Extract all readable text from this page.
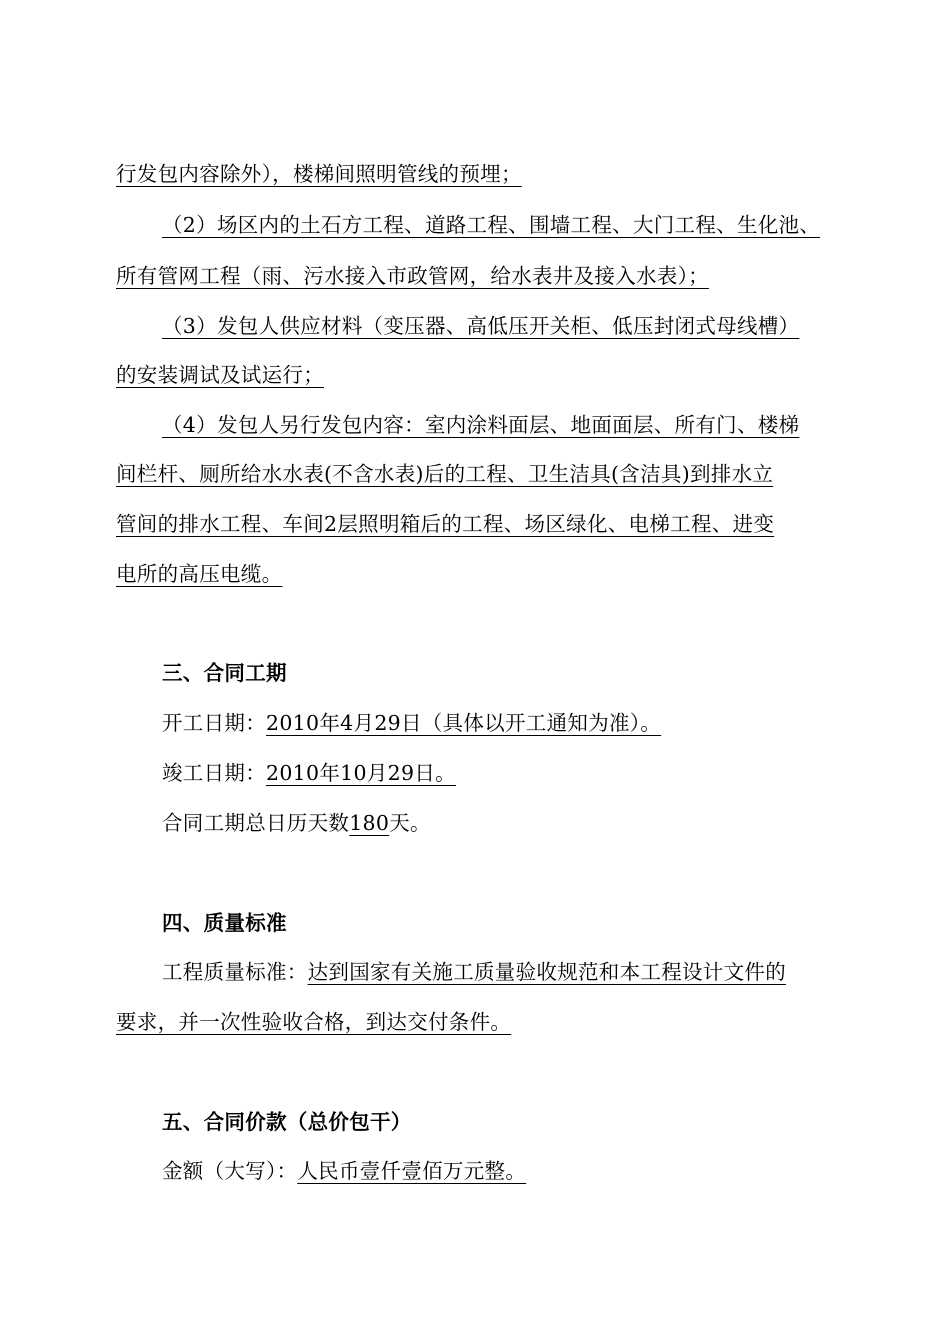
行发包内容除外），楼梯间照明管线的预埋；
（2）场区内的土石方工程、道路工程、围墙工程、大门工程、生化池、
所有管网工程（雨、污水接入市政管网，给水表井及接入水表）；
（3）发包人供应材料（变压器、高低压开关柜、低压封闭式母线槽）
的安装调试及试运行；
（4）发包人另行发包内容：室内涂料面层、地面面层、所有门、楼梯
间栏杆、厕所给水水表(不含水表)后的工程、卫生洁具(含洁具)到排水立
管间的排水工程、车间2层照明箱后的工程、场区绿化、电梯工程、进变
电所的高压电缆。
三、合同工期
开工日期：2010年4月29日（具体以开工通知为准）。
竣工日期：2010年10月29日。
合同工期总日历天数180天。
四、质量标准
工程质量标准：达到国家有关施工质量验收规范和本工程设计文件的
要求，并一次性验收合格，到达交付条件。
五、合同价款（总价包干）
金额（大写）：人民币壹仟壹佰万元整。
